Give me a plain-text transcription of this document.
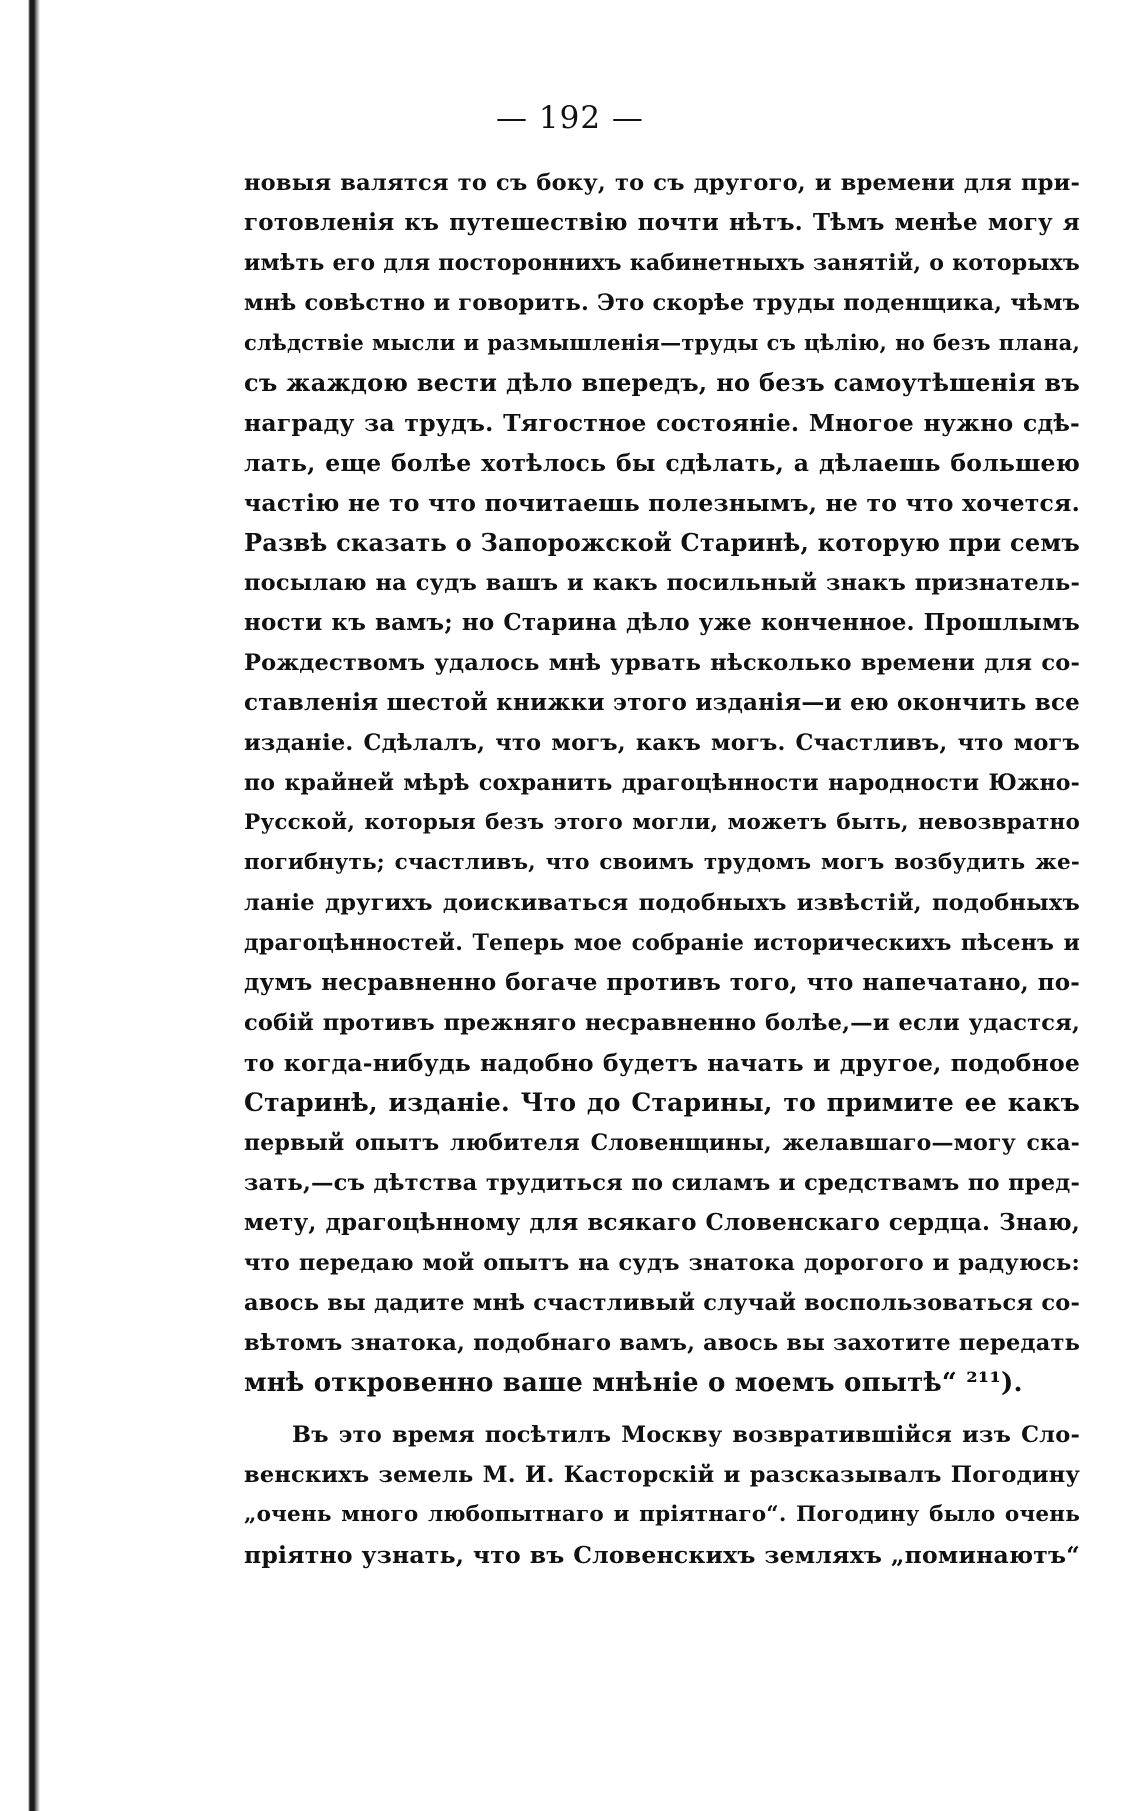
— 192 —
новыя валятся то съ боку, то съ другого, и времени для при-
готовленія къ путешествію почти нѣтъ. Тѣмъ менѣе могу я
имѣть его для постороннихъ кабинетныхъ занятій, о которыхъ
мнѣ совѣстно и говорить. Это скорѣе труды поденщика, чѣмъ
слѣдствіе мысли и размышленія—труды съ цѣлію, но безъ плана,
съ жаждою вести дѣло впередъ, но безъ самоутѣшенія въ
награду за трудъ. Тягостное состояніе. Многое нужно сдѣ-
лать, еще болѣе хотѣлось бы сдѣлать, а дѣлаешь большею
частію не то что почитаешь полезнымъ, не то что хочется.
Развѣ сказать о Запорожской Старинѣ, которую при семъ
посылаю на судъ вашъ и какъ посильный знакъ признатель-
ности къ вамъ; но Старина дѣло уже конченное. Прошлымъ
Рождествомъ удалось мнѣ урвать нѣсколько времени для со-
ставленія шестой книжки этого изданія—и ею окончить все
изданіе. Сдѣлалъ, что могъ, какъ могъ. Счастливъ, что могъ
по крайней мѣрѣ сохранить драгоцѣнности народности Южно-
Русской, которыя безъ этого могли, можетъ быть, невозвратно
погибнуть; счастливъ, что своимъ трудомъ могъ возбудить же-
ланіе другихъ доискиваться подобныхъ извѣстій, подобныхъ
драгоцѣнностей. Теперь мое собраніе историческихъ пѣсенъ и
думъ несравненно богаче противъ того, что напечатано, по-
собій противъ прежняго несравненно болѣе,—и если удастся,
то когда-нибудь надобно будетъ начать и другое, подобное
Старинѣ, изданіе. Что до Старины, то примите ее какъ
первый опытъ любителя Словенщины, желавшаго—могу ска-
зать,—съ дѣтства трудиться по силамъ и средствамъ по пред-
мету, драгоцѣнному для всякаго Словенскаго сердца. Знаю,
что передаю мой опытъ на судъ знатока дорогого и радуюсь:
авось вы дадите мнѣ счастливый случай воспользоваться со-
вѣтомъ знатока, подобнаго вамъ, авось вы захотите передать
мнѣ откровенно ваше мнѣніе о моемъ опытѣ“ ²¹¹).
Въ это время посѣтилъ Москву возвратившійся изъ Сло-
венскихъ земель М. И. Касторскій и разсказывалъ Погодину
„очень много любопытнаго и пріятнаго“. Погодину было очень
пріятно узнать, что въ Словенскихъ земляхъ „поминаютъ“
